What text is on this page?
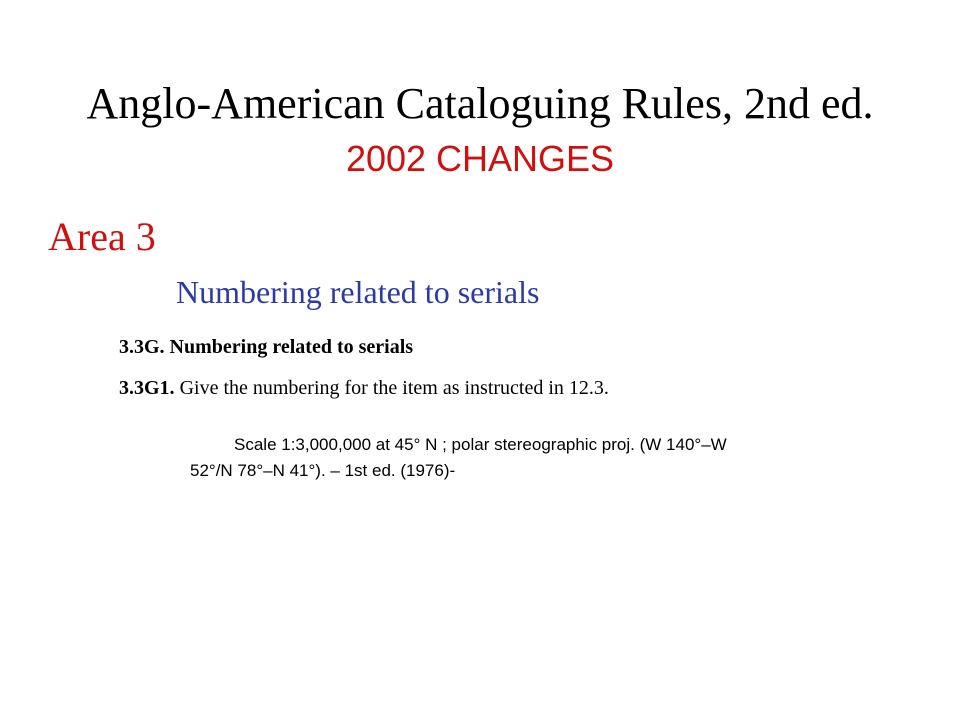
Anglo-American Cataloguing Rules, 2nd ed.
2002 CHANGES
Area 3
Numbering related to serials
3.3G. Numbering related to serials
3.3G1. Give the numbering for the item as instructed in 12.3.
Scale 1:3,000,000 at 45° N ; polar stereographic proj. (W 140°–W
52°/N 78°–N 41°). – 1st ed. (1976)-
